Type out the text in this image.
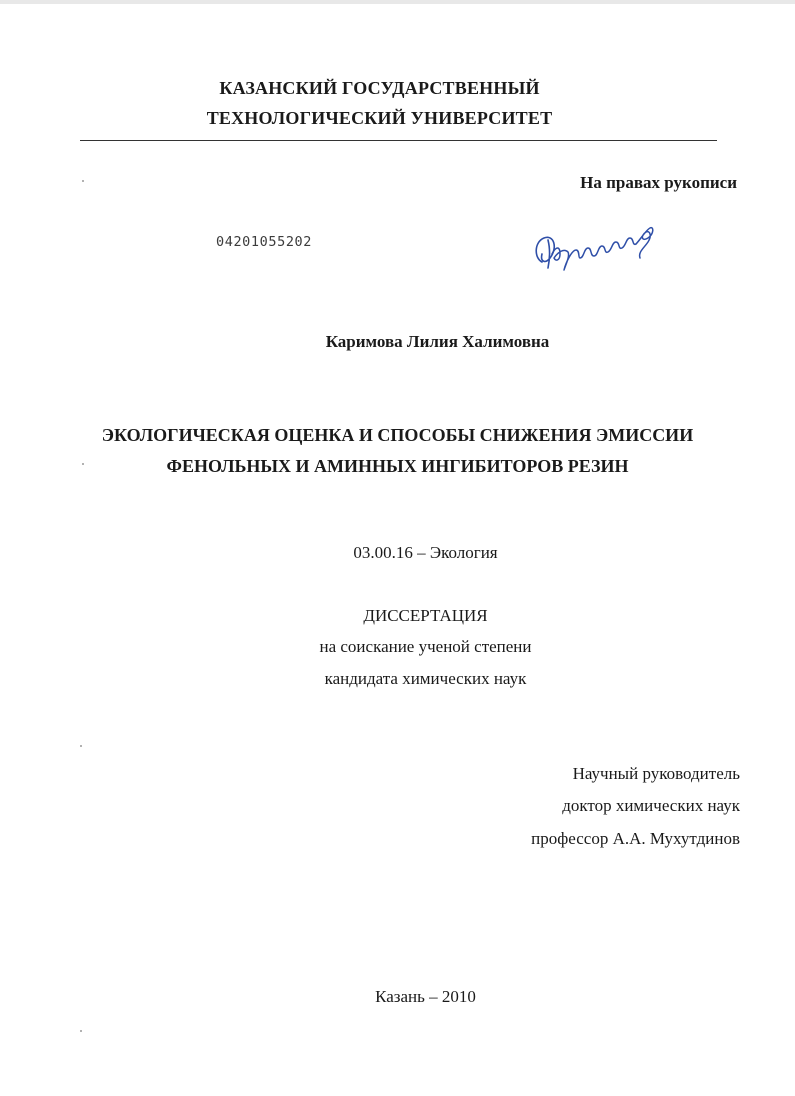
КАЗАНСКИЙ ГОСУДАРСТВЕННЫЙ
ТЕХНОЛОГИЧЕСКИЙ УНИВЕРСИТЕТ
На правах рукописи
04201055202
Каримова Лилия Халимовна
ЭКОЛОГИЧЕСКАЯ ОЦЕНКА И СПОСОБЫ СНИЖЕНИЯ ЭМИССИИ
ФЕНОЛЬНЫХ И АМИННЫХ ИНГИБИТОРОВ РЕЗИН
03.00.16 – Экология
ДИССЕРТАЦИЯ
на соискание ученой степени
кандидата химических наук
Научный руководитель
доктор химических наук
профессор А.А. Мухутдинов
Казань – 2010
